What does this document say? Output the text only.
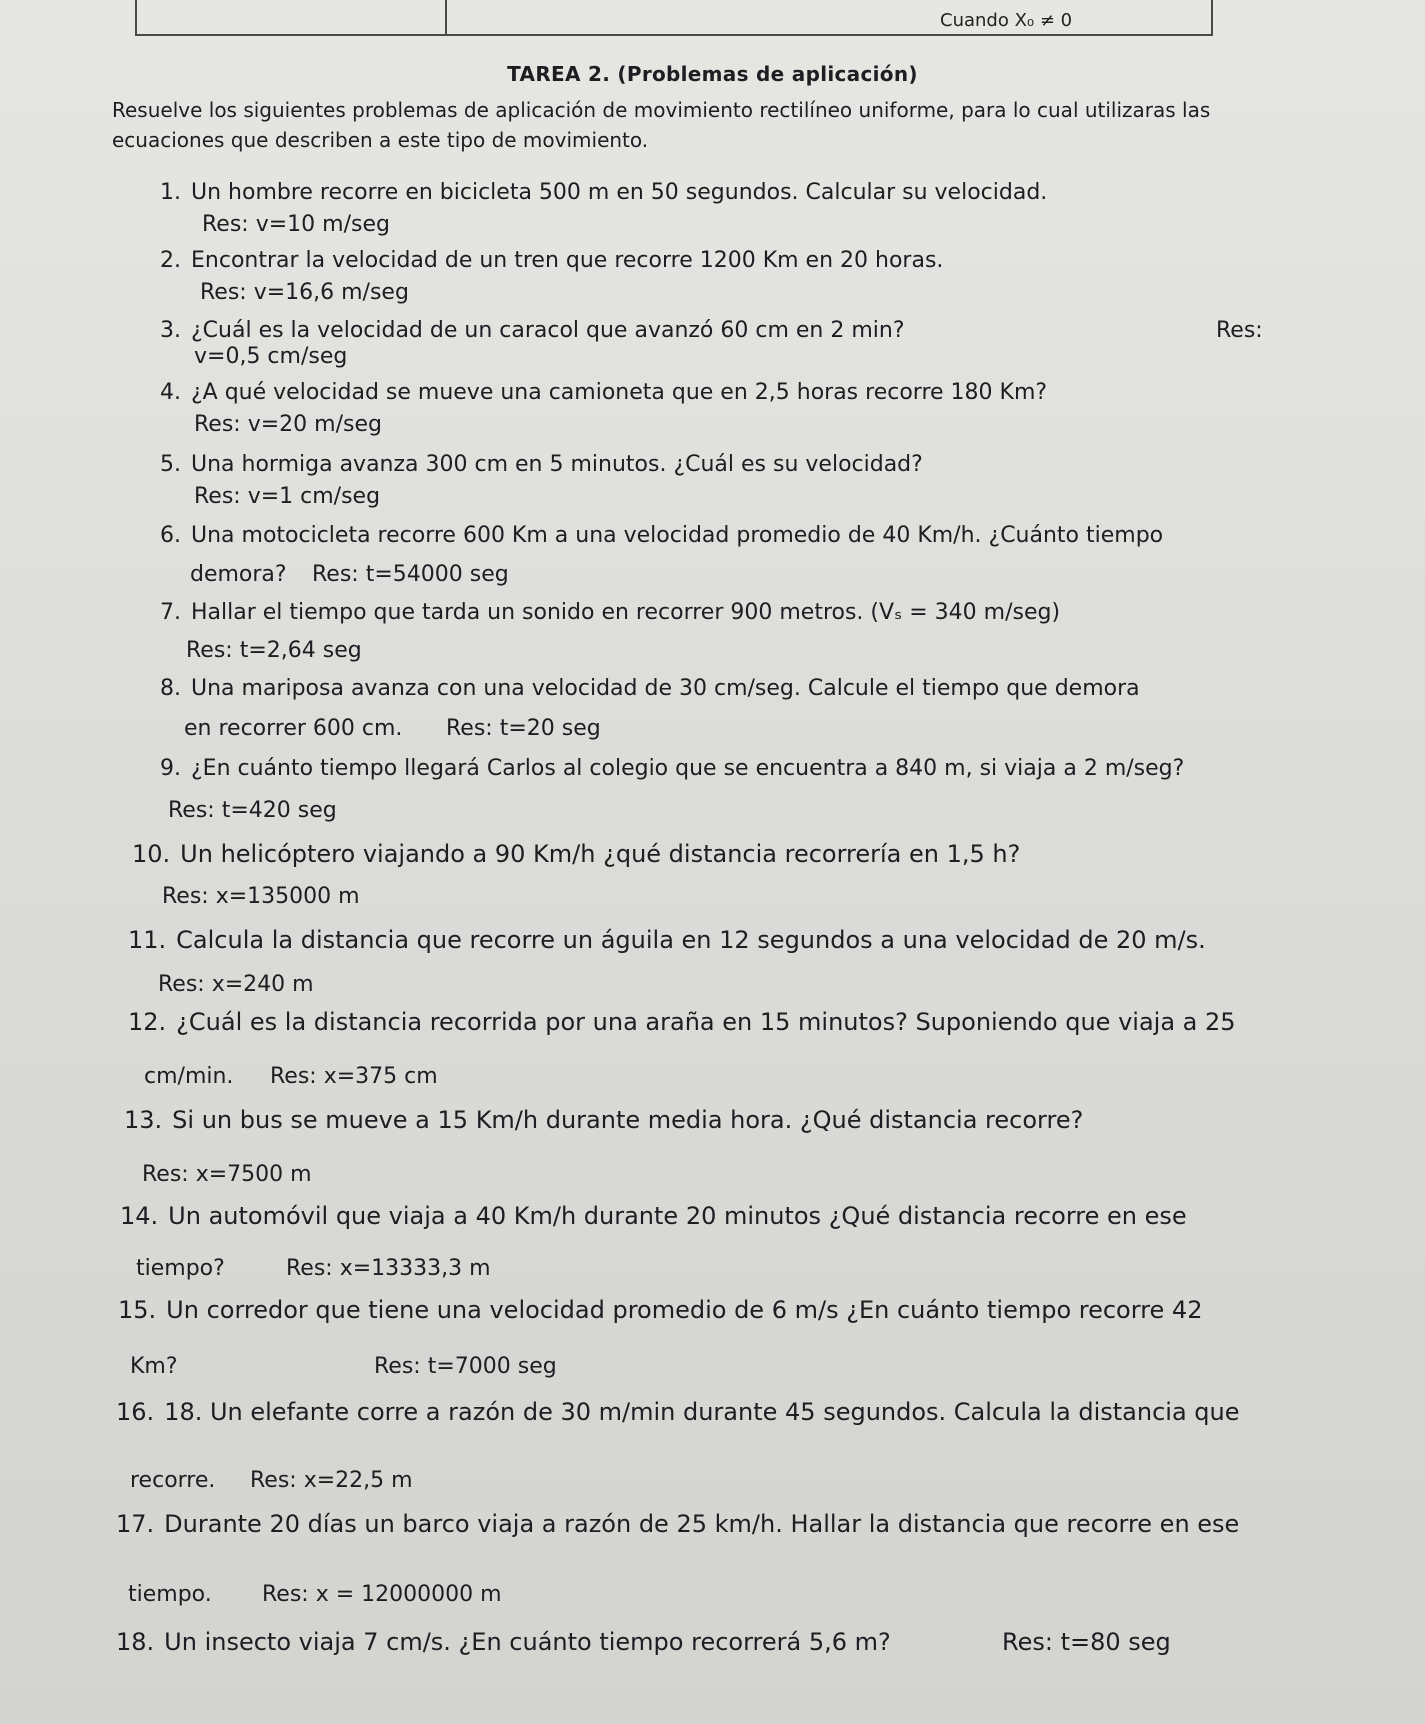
Cuando X₀ ≠ 0
TAREA 2. (Problemas de aplicación)
Resuelve los siguientes problemas de aplicación de movimiento rectilíneo uniforme, para lo cual utilizaras las ecuaciones que describen a este tipo de movimiento.
1. Un hombre recorre en bicicleta 500 m en 50 segundos. Calcular su velocidad.
Res: v=10 m/seg
2. Encontrar la velocidad de un tren que recorre 1200 Km en 20 horas.
Res: v=16,6 m/seg
3. ¿Cuál es la velocidad de un caracol que avanzó 60 cm en 2 min?	Res:
v=0,5 cm/seg
4. ¿A qué velocidad se mueve una camioneta que en 2,5 horas recorre 180 Km?
Res: v=20 m/seg
5. Una hormiga avanza 300 cm en 5 minutos. ¿Cuál es su velocidad?
Res: v=1 cm/seg
6. Una motocicleta recorre 600 Km a una velocidad promedio de 40 Km/h. ¿Cuánto tiempo
demora? Res: t=54000 seg
7. Hallar el tiempo que tarda un sonido en recorrer 900 metros. (Vₛ = 340 m/seg)
Res: t=2,64 seg
8. Una mariposa avanza con una velocidad de 30 cm/seg. Calcule el tiempo que demora
en recorrer 600 cm. Res: t=20 seg
9. ¿En cuánto tiempo llegará Carlos al colegio que se encuentra a 840 m, si viaja a 2 m/seg?
Res: t=420 seg
10. Un helicóptero viajando a 90 Km/h ¿qué distancia recorrería en 1,5 h?
Res: x=135000 m
11. Calcula la distancia que recorre un águila en 12 segundos a una velocidad de 20 m/s.
Res: x=240 m
12. ¿Cuál es la distancia recorrida por una araña en 15 minutos? Suponiendo que viaja a 25
cm/min. Res: x=375 cm
13. Si un bus se mueve a 15 Km/h durante media hora. ¿Qué distancia recorre?
Res: x=7500 m
14. Un automóvil que viaja a 40 Km/h durante 20 minutos ¿Qué distancia recorre en ese
tiempo?	Res: x=13333,3 m
15. Un corredor que tiene una velocidad promedio de 6 m/s ¿En cuánto tiempo recorre 42
Km?	Res: t=7000 seg
16. 18. Un elefante corre a razón de 30 m/min durante 45 segundos. Calcula la distancia que
recorre. Res: x=22,5 m
17. Durante 20 días un barco viaja a razón de 25 km/h. Hallar la distancia que recorre en ese
tiempo. Res: x = 12000000 m
18. Un insecto viaja 7 cm/s. ¿En cuánto tiempo recorrerá 5,6 m?	Res: t=80 seg
